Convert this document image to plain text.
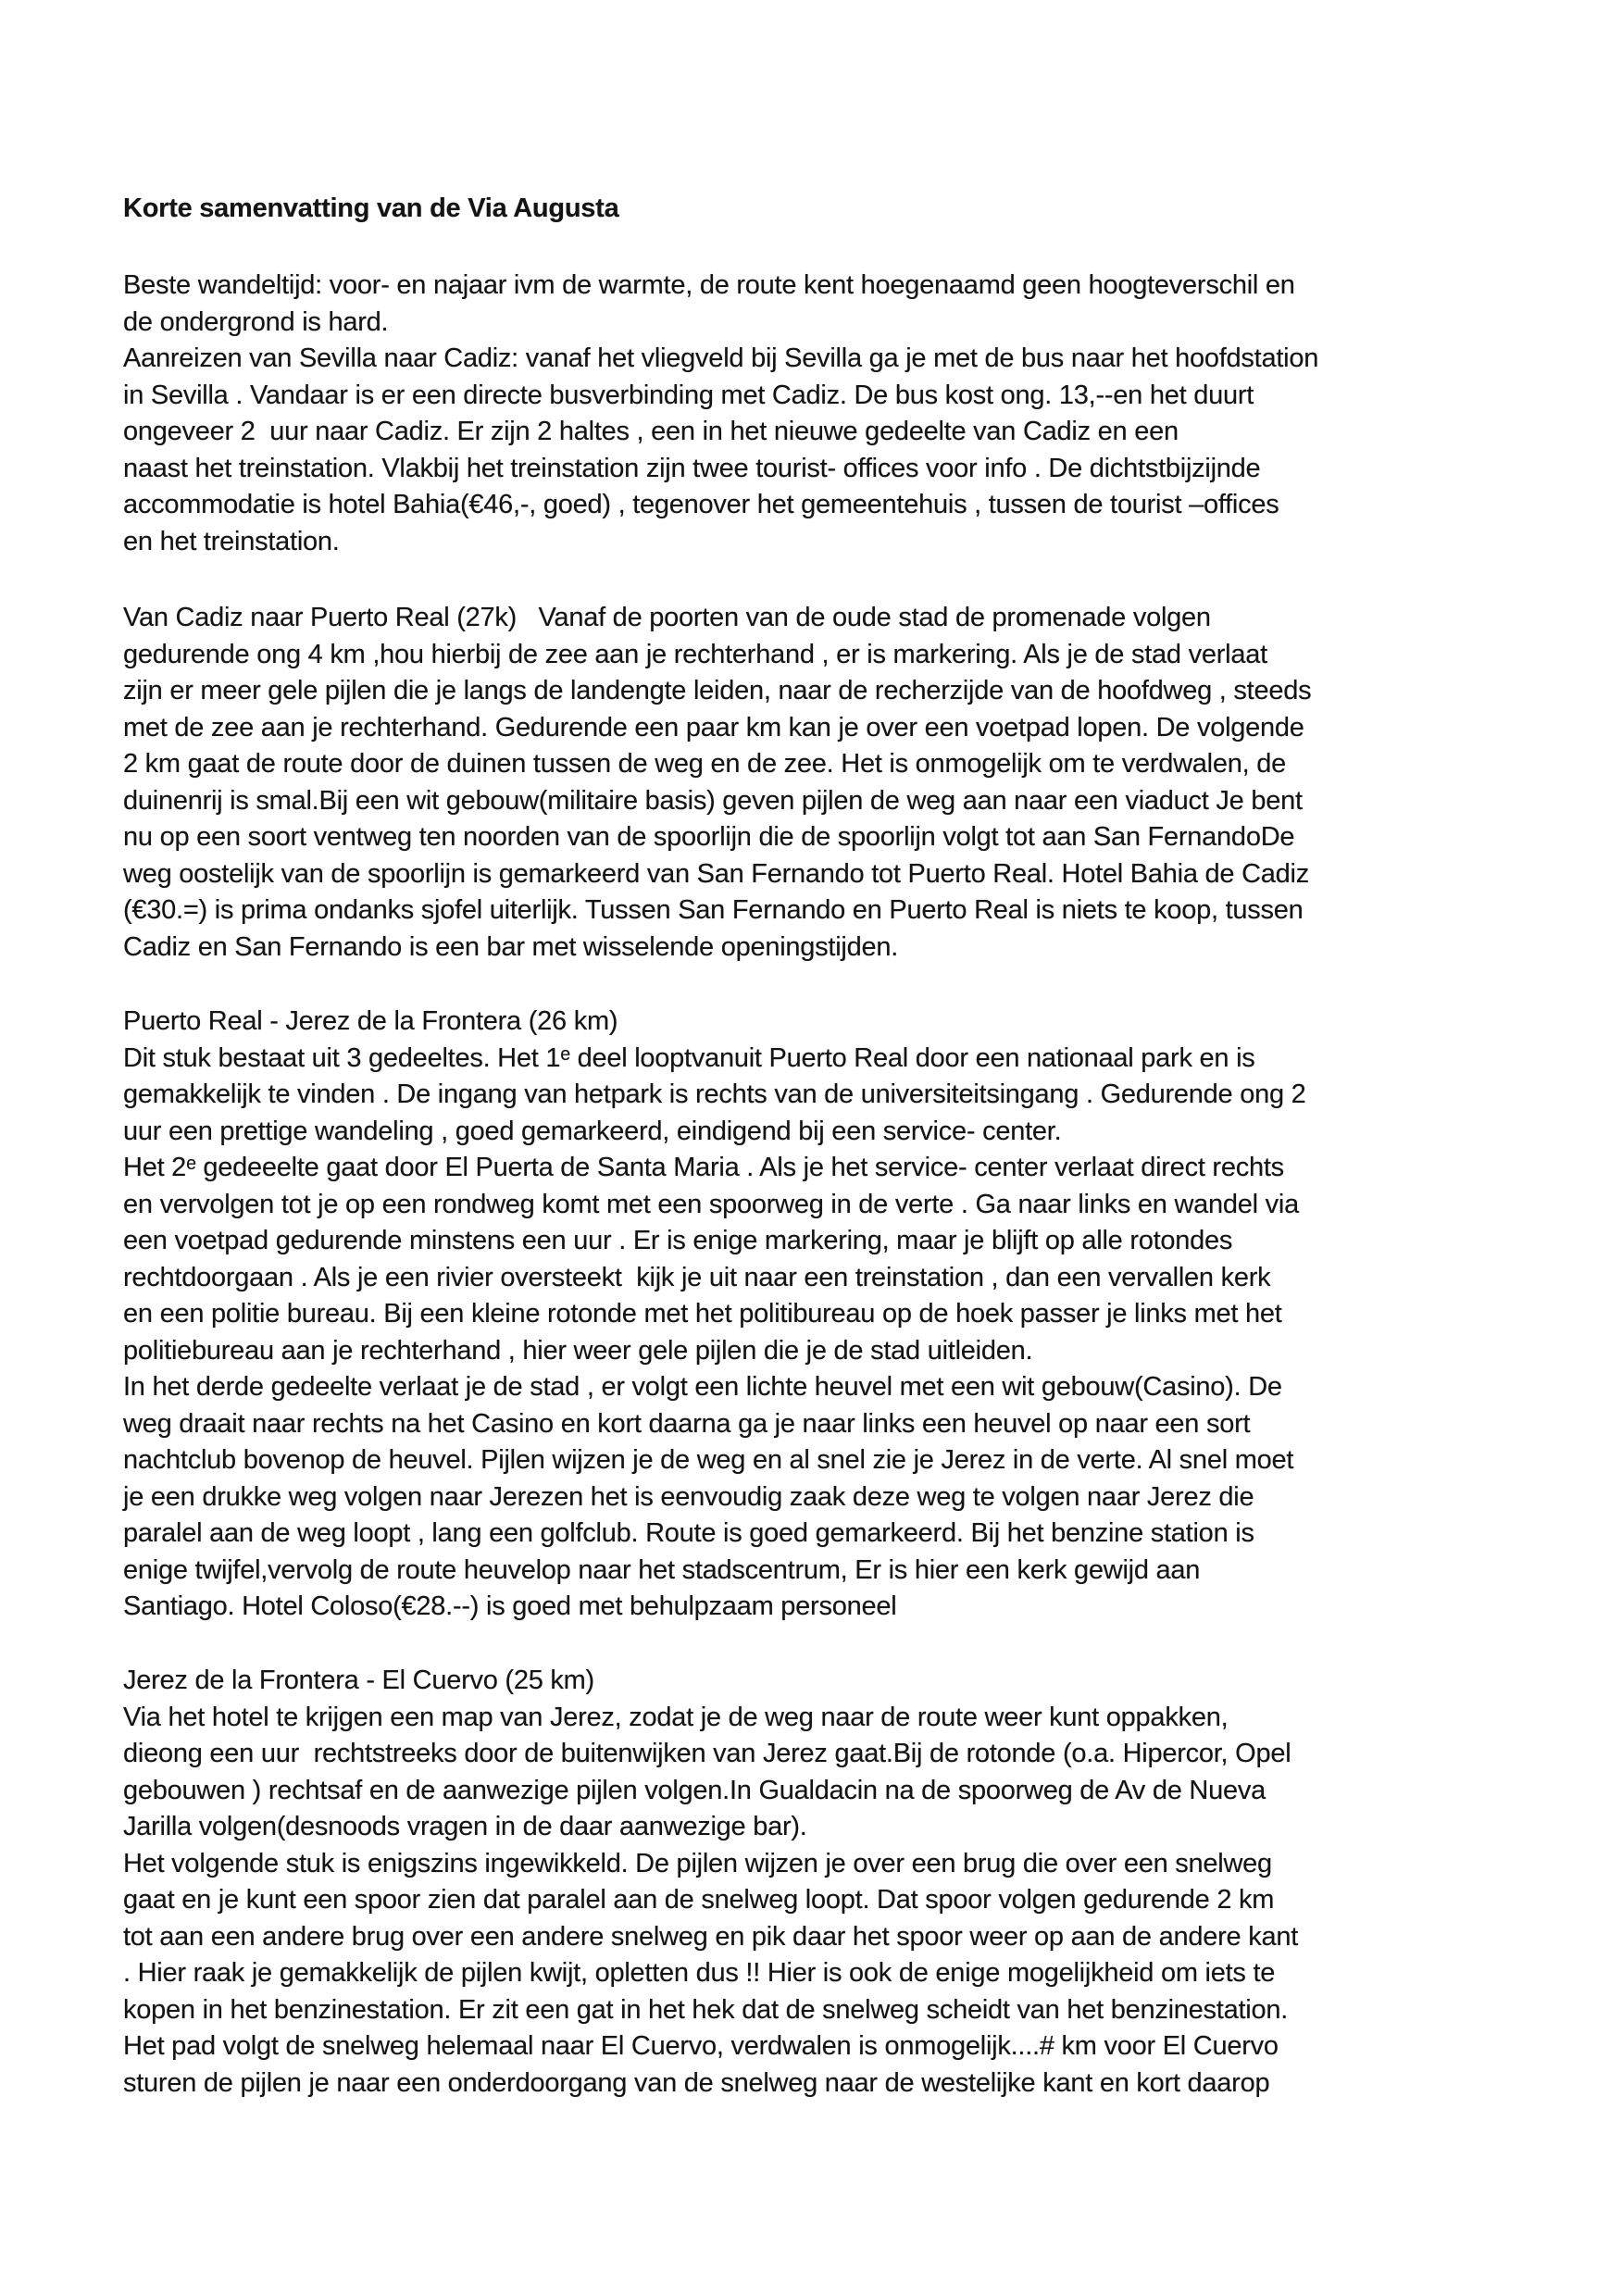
Korte samenvatting van de Via Augusta
Beste wandeltijd: voor- en najaar ivm de warmte, de route kent hoegenaamd geen hoogteverschil en
de ondergrond is hard.
Aanreizen van Sevilla naar Cadiz: vanaf het vliegveld bij Sevilla ga je met de bus naar het hoofdstation
in Sevilla . Vandaar is er een directe busverbinding met Cadiz. De bus kost ong. 13,--en het duurt
ongeveer 2  uur naar Cadiz. Er zijn 2 haltes , een in het nieuwe gedeelte van Cadiz en een
naast het treinstation. Vlakbij het treinstation zijn twee tourist- offices voor info . De dichtstbijzijnde
accommodatie is hotel Bahia(€46,-, goed) , tegenover het gemeentehuis , tussen de tourist –offices
en het treinstation.
Van Cadiz naar Puerto Real (27k)   Vanaf de poorten van de oude stad de promenade volgen
gedurende ong 4 km ,hou hierbij de zee aan je rechterhand , er is markering. Als je de stad verlaat
zijn er meer gele pijlen die je langs de landengte leiden, naar de recherzijde van de hoofdweg , steeds
met de zee aan je rechterhand. Gedurende een paar km kan je over een voetpad lopen. De volgende
2 km gaat de route door de duinen tussen de weg en de zee. Het is onmogelijk om te verdwalen, de
duinenrij is smal.Bij een wit gebouw(militaire basis) geven pijlen de weg aan naar een viaduct Je bent
nu op een soort ventweg ten noorden van de spoorlijn die de spoorlijn volgt tot aan San FernandoDe
weg oostelijk van de spoorlijn is gemarkeerd van San Fernando tot Puerto Real. Hotel Bahia de Cadiz
(€30.=) is prima ondanks sjofel uiterlijk. Tussen San Fernando en Puerto Real is niets te koop, tussen
Cadiz en San Fernando is een bar met wisselende openingstijden.
Puerto Real - Jerez de la Frontera (26 km)
Dit stuk bestaat uit 3 gedeeltes. Het 1ᵉ deel looptvanuit Puerto Real door een nationaal park en is
gemakkelijk te vinden . De ingang van hetpark is rechts van de universiteitsingang . Gedurende ong 2
uur een prettige wandeling , goed gemarkeerd, eindigend bij een service- center.
Het 2ᵉ gedeeelte gaat door El Puerta de Santa Maria . Als je het service- center verlaat direct rechts
en vervolgen tot je op een rondweg komt met een spoorweg in de verte . Ga naar links en wandel via
een voetpad gedurende minstens een uur . Er is enige markering, maar je blijft op alle rotondes
rechtdoorgaan . Als je een rivier oversteekt  kijk je uit naar een treinstation , dan een vervallen kerk
en een politie bureau. Bij een kleine rotonde met het politibureau op de hoek passer je links met het
politiebureau aan je rechterhand , hier weer gele pijlen die je de stad uitleiden.
In het derde gedeelte verlaat je de stad , er volgt een lichte heuvel met een wit gebouw(Casino). De
weg draait naar rechts na het Casino en kort daarna ga je naar links een heuvel op naar een sort
nachtclub bovenop de heuvel. Pijlen wijzen je de weg en al snel zie je Jerez in de verte. Al snel moet
je een drukke weg volgen naar Jerezen het is eenvoudig zaak deze weg te volgen naar Jerez die
paralel aan de weg loopt , lang een golfclub. Route is goed gemarkeerd. Bij het benzine station is
enige twijfel,vervolg de route heuvelop naar het stadscentrum, Er is hier een kerk gewijd aan
Santiago. Hotel Coloso(€28.--) is goed met behulpzaam personeel
Jerez de la Frontera - El Cuervo (25 km)
Via het hotel te krijgen een map van Jerez, zodat je de weg naar de route weer kunt oppakken,
dieong een uur  rechtstreeks door de buitenwijken van Jerez gaat.Bij de rotonde (o.a. Hipercor, Opel
gebouwen ) rechtsaf en de aanwezige pijlen volgen.In Gualdacin na de spoorweg de Av de Nueva
Jarilla volgen(desnoods vragen in de daar aanwezige bar).
Het volgende stuk is enigszins ingewikkeld. De pijlen wijzen je over een brug die over een snelweg
gaat en je kunt een spoor zien dat paralel aan de snelweg loopt. Dat spoor volgen gedurende 2 km
tot aan een andere brug over een andere snelweg en pik daar het spoor weer op aan de andere kant
. Hier raak je gemakkelijk de pijlen kwijt, opletten dus !! Hier is ook de enige mogelijkheid om iets te
kopen in het benzinestation. Er zit een gat in het hek dat de snelweg scheidt van het benzinestation.
Het pad volgt de snelweg helemaal naar El Cuervo, verdwalen is onmogelijk....# km voor El Cuervo
sturen de pijlen je naar een onderdoorgang van de snelweg naar de westelijke kant en kort daarop
